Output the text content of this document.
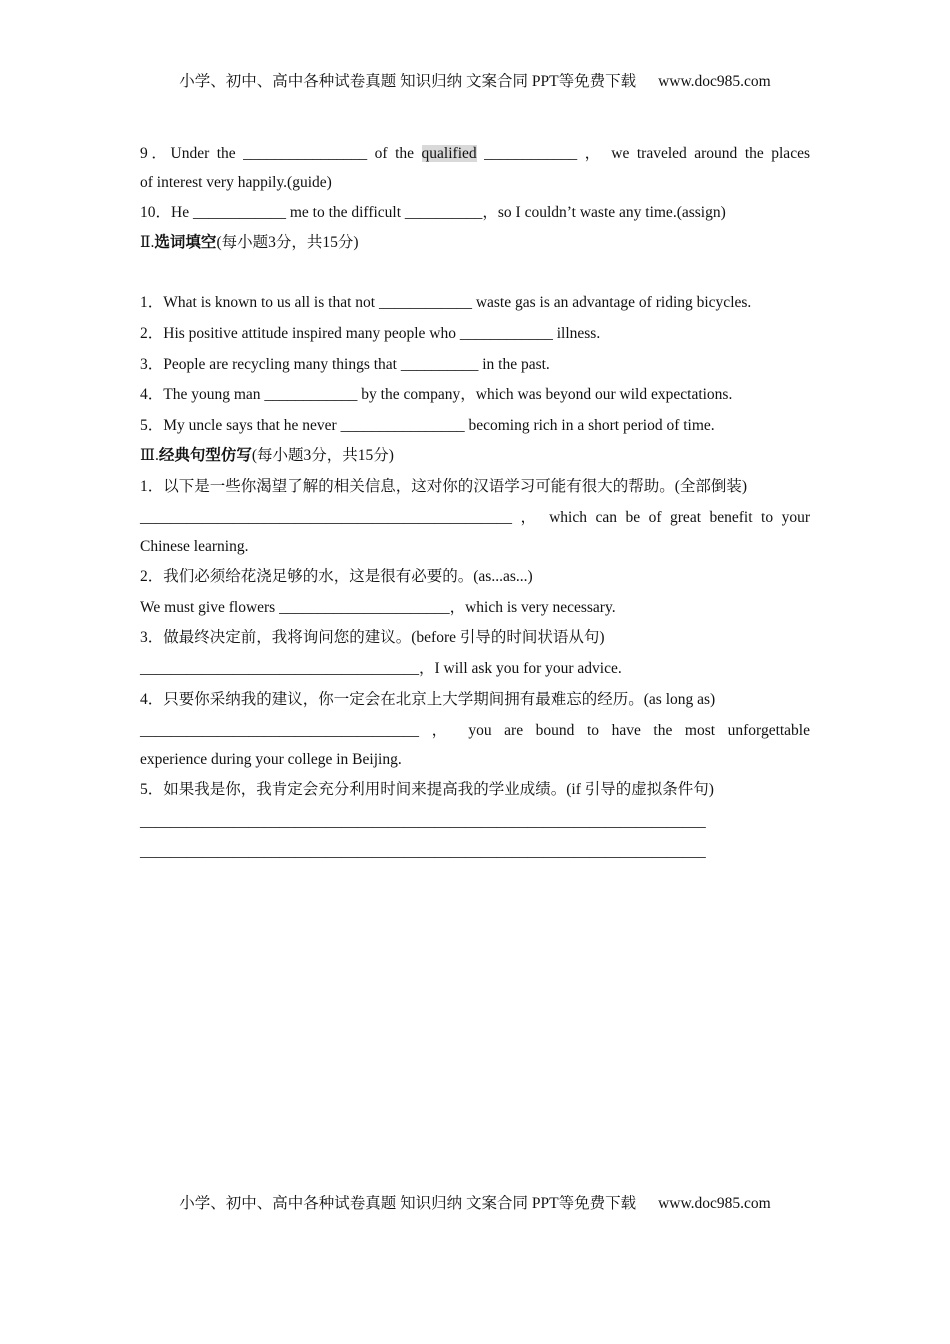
小学、初中、高中各种试卷真题 知识归纳 文案合同 PPT等免费下载 www.doc985.com
9．Under the ________________ of the qualified ____________ ， we traveled around the places
of interest very happily.(guide)
10．He ____________ me to the difficult __________，so I couldn’t waste any time.(assign)
Ⅱ.选词填空(每小题3分，共15分)
1．What is known to us all is that not ____________ waste gas is an advantage of riding bicycles.
2．His positive attitude inspired many people who ____________ illness.
3．People are recycling many things that __________ in the past.
4．The young man ____________ by the company，which was beyond our wild expectations.
5．My uncle says that he never ________________ becoming rich in a short period of time.
Ⅲ.经典句型仿写(每小题3分，共15分)
1．以下是一些你渴望了解的相关信息，这对你的汉语学习可能有很大的帮助。(全部倒装)
________________________________________________ ， which can be of great benefit to your
Chinese learning.
2．我们必须给花浇足够的水，这是很有必要的。(as...as...)
We must give flowers ______________________，which is very necessary.
3．做最终决定前，我将询问您的建议。(before 引导的时间状语从句)
____________________________________，I will ask you for your advice.
4．只要你采纳我的建议，你一定会在北京上大学期间拥有最难忘的经历。(as long as)
____________________________________ ， you are bound to have the most unforgettable
experience during your college in Beijing.
5．如果我是你，我肯定会充分利用时间来提高我的学业成绩。(if 引导的虚拟条件句)
_________________________________________________________________________
_________________________________________________________________________
小学、初中、高中各种试卷真题 知识归纳 文案合同 PPT等免费下载 www.doc985.com
